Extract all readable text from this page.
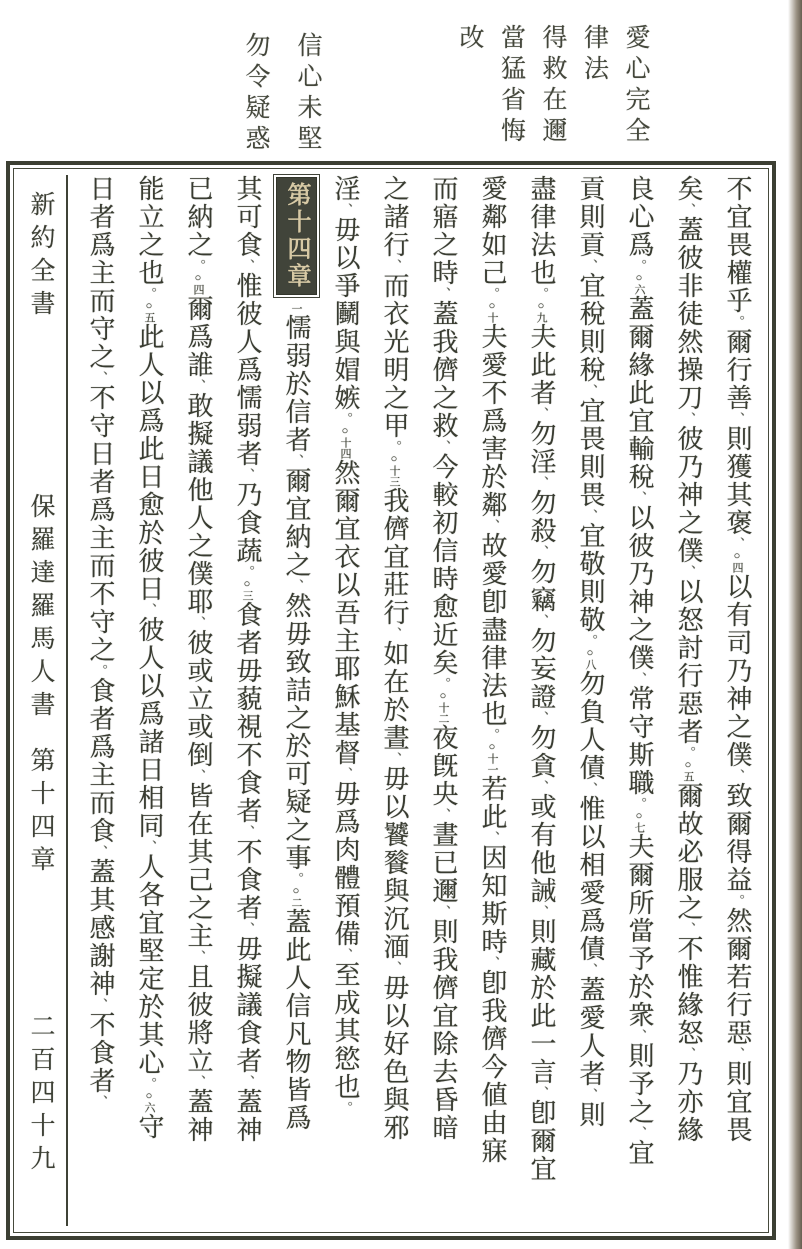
愛心完全
律法
得救在邇
當猛省悔
改
信心未堅
勿令疑惑
新約全書
保羅達羅馬人書
第十四章
二百四十九
不宜畏權乎。爾行善、則獲其褒、○四以有司乃神之僕、致爾得益。然爾若行惡、則宜畏
矣、蓋彼非徒然操刀、彼乃神之僕、以怒討行惡者。○五爾故必服之、不惟緣怒、乃亦緣
良心爲。○六蓋爾緣此宜輸稅、以彼乃神之僕、常守斯職。○七夫爾所當予於衆、則予之、宜
貢則貢、宜稅則稅、宜畏則畏、宜敬則敬。○八勿負人債、惟以相愛爲債、蓋愛人者、則
盡律法也。○九夫此者、勿淫、勿殺、勿竊、勿妄證、勿貪、或有他誡、則藏於此一言、卽爾宜
愛鄰如己。○十夫愛不爲害於鄰、故愛卽盡律法也。○十一若此、因知斯時、卽我儕今値由寐
而寤之時、蓋我儕之救、今較初信時愈近矣。○十二夜旣央、晝已邇、則我儕宜除去昏暗
之諸行、而衣光明之甲。○十三我儕宜莊行、如在於晝、毋以饕餮與沉湎、毋以好色與邪
淫、毋以爭鬭與媢嫉。○十四然爾宜衣以吾主耶穌基督、毋爲肉體預備、至成其慾也。
第十四章一懦弱於信者、爾宜納之、然毋致詰之於可疑之事。○二蓋此人信凡物皆爲
其可食、惟彼人爲懦弱者、乃食蔬。○三食者毋藐視不食者、不食者、毋擬議食者、蓋神
已納之。○四爾爲誰、敢擬議他人之僕耶、彼或立或倒、皆在其己之主、且彼將立、蓋神
能立之也。○五此人以爲此日愈於彼日、彼人以爲諸日相同、人各宜堅定於其心。○六守
日者爲主而守之、不守日者爲主而不守之。食者爲主而食、蓋其感謝神、不食者、
